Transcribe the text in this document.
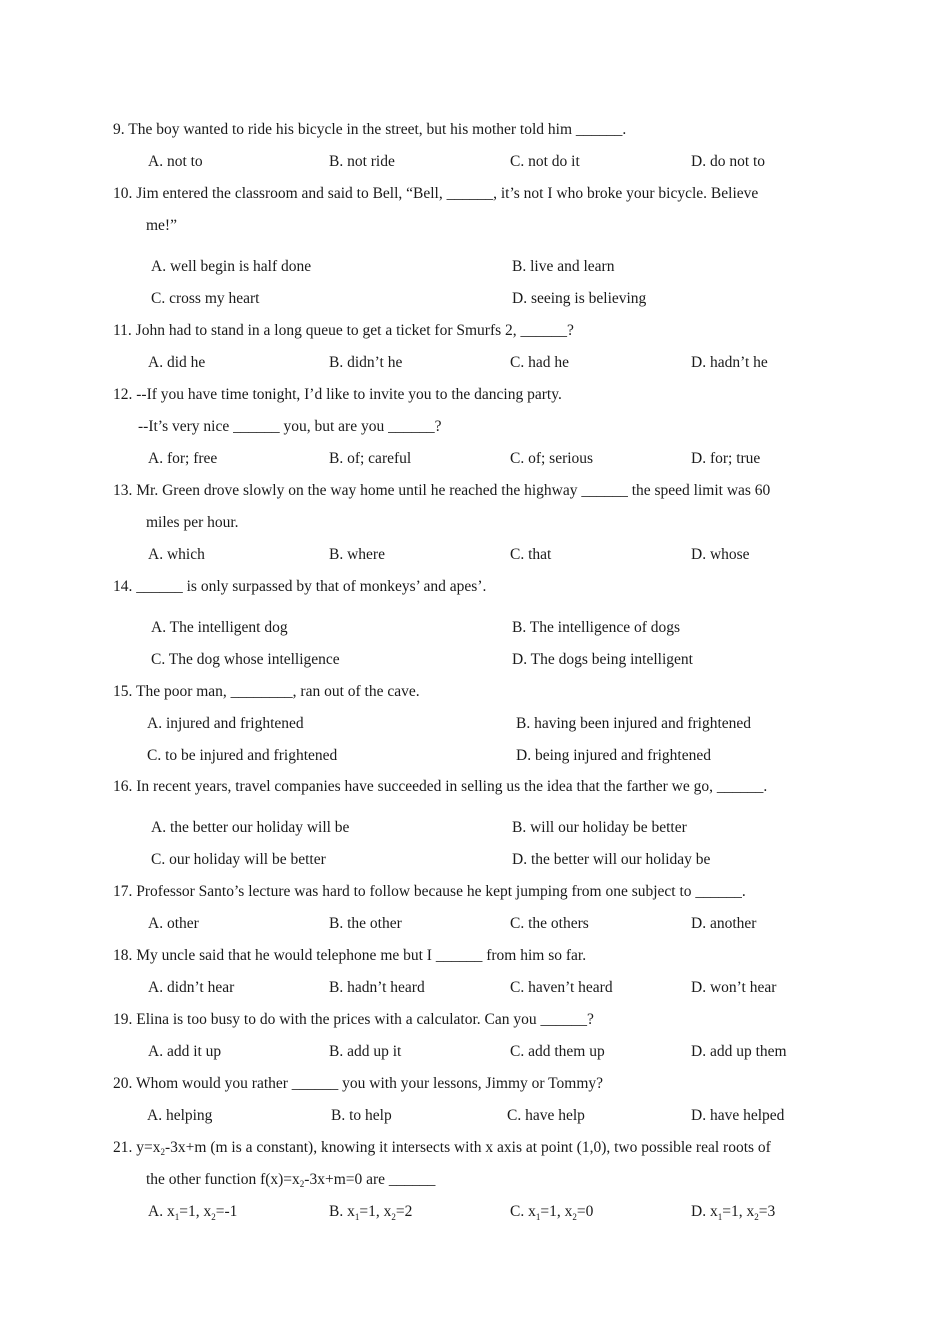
9. The boy wanted to ride his bicycle in the street, but his mother told him ______.
A. not to	B. not ride	C. not do it	D. do not to
10. Jim entered the classroom and said to Bell, “Bell, ______, it’s not I who broke your bicycle. Believe
me!”
A. well begin is half done	B. live and learn
C. cross my heart	D. seeing is believing
11. John had to stand in a long queue to get a ticket for Smurfs 2, ______?
A. did he	B. didn’t he	C. had he	D. hadn’t he
12. --If you have time tonight, I’d like to invite you to the dancing party.
--It’s very nice ______ you, but are you ______?
A. for; free	B. of; careful	C. of; serious	D. for; true
13. Mr. Green drove slowly on the way home until he reached the highway ______ the speed limit was 60
miles per hour.
A. which	B. where	C. that	D. whose
14. ______ is only surpassed by that of monkeys’ and apes’.
A. The intelligent dog	B. The intelligence of dogs
C. The dog whose intelligence	D. The dogs being intelligent
15. The poor man, ________, ran out of the cave.
A. injured and frightened	B. having been injured and frightened
C. to be injured and frightened	D. being injured and frightened
16. In recent years, travel companies have succeeded in selling us the idea that the farther we go, ______.
A. the better our holiday will be	B. will our holiday be better
C. our holiday will be better	D. the better will our holiday be
17. Professor Santo’s lecture was hard to follow because he kept jumping from one subject to ______.
A. other	B. the other	C. the others	D. another
18. My uncle said that he would telephone me but I ______ from him so far.
A. didn’t hear	B. hadn’t heard	C. haven’t heard	D. won’t hear
19. Elina is too busy to do with the prices with a calculator. Can you ______?
A. add it up	B. add up it	C. add them up	D. add up them
20. Whom would you rather ______ you with your lessons, Jimmy or Tommy?
A. helping	B. to help	C. have help	D. have helped
21. $y=x_2-3x+m$ (m is a constant), knowing it intersects with x axis at point (1,0), two possible real roots of
the other function $f(x)=x_2-3x+m=0$ are ______
A. $x_1=1$, $x_2=-1$	B. $x_1=1$, $x_2=2$	C. $x_1=1$, $x_2=0$	D. $x_1=1$, $x_2=3$
